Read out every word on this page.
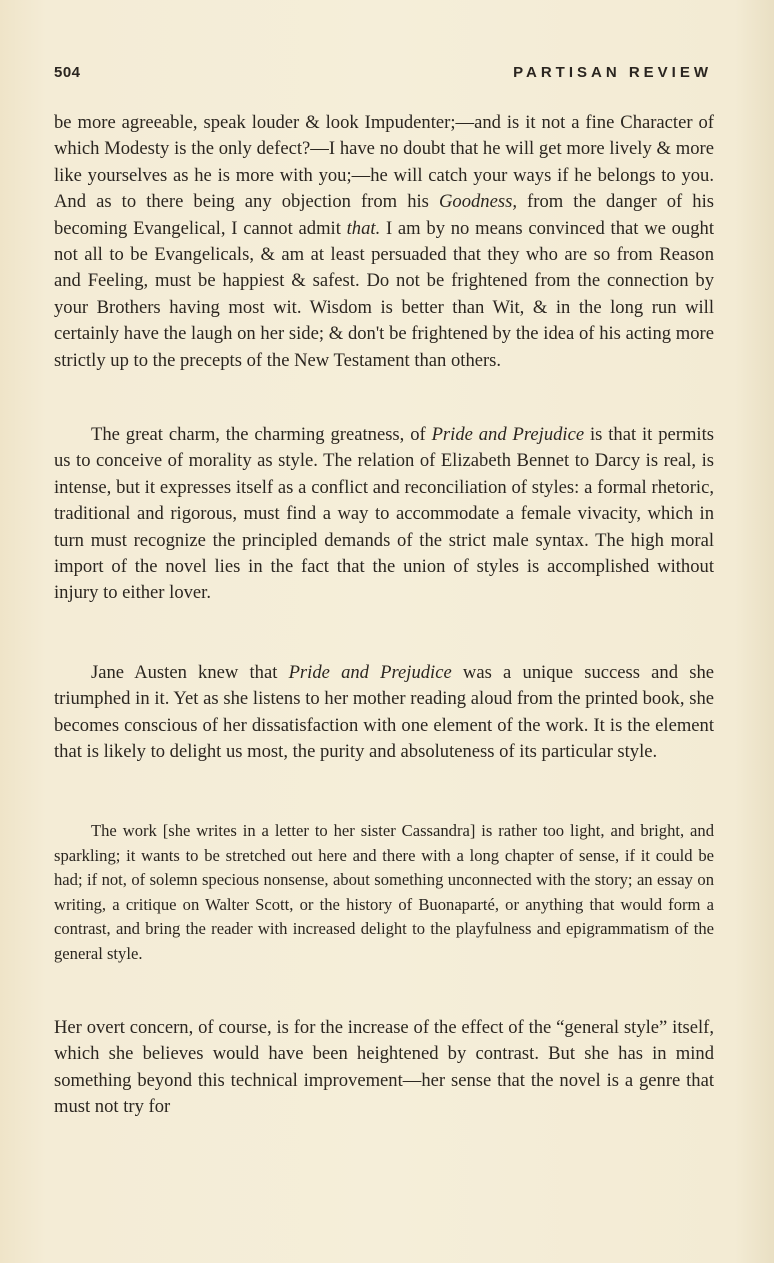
504	PARTISAN REVIEW

be more agreeable, speak louder & look Impudenter;—and is it not a fine Character of which Modesty is the only defect?—I have no doubt that he will get more lively & more like yourselves as he is more with you;—he will catch your ways if he belongs to you. And as to there being any objection from his Goodness, from the danger of his becoming Evangelical, I cannot admit that. I am by no means convinced that we ought not all to be Evangelicals, & am at least persuaded that they who are so from Reason and Feeling, must be happiest & safest. Do not be frightened from the connection by your Brothers having most wit. Wisdom is better than Wit, & in the long run will certainly have the laugh on her side; & don't be frightened by the idea of his acting more strictly up to the precepts of the New Testament than others.

The great charm, the charming greatness, of Pride and Prejudice is that it permits us to conceive of morality as style. The relation of Elizabeth Bennet to Darcy is real, is intense, but it expresses itself as a conflict and reconciliation of styles: a formal rhetoric, traditional and rigorous, must find a way to accommodate a female vivacity, which in turn must recognize the principled demands of the strict male syntax. The high moral import of the novel lies in the fact that the union of styles is accomplished without injury to either lover.

Jane Austen knew that Pride and Prejudice was a unique success and she triumphed in it. Yet as she listens to her mother reading aloud from the printed book, she becomes conscious of her dissatisfaction with one element of the work. It is the element that is likely to delight us most, the purity and absoluteness of its particular style.

The work [she writes in a letter to her sister Cassandra] is rather too light, and bright, and sparkling; it wants to be stretched out here and there with a long chapter of sense, if it could be had; if not, of solemn specious nonsense, about something unconnected with the story; an essay on writing, a critique on Walter Scott, or the history of Buonaparté, or anything that would form a contrast, and bring the reader with increased delight to the playfulness and epigrammatism of the general style.

Her overt concern, of course, is for the increase of the effect of the “general style” itself, which she believes would have been heightened by contrast. But she has in mind something beyond this technical improvement—her sense that the novel is a genre that must not try for
